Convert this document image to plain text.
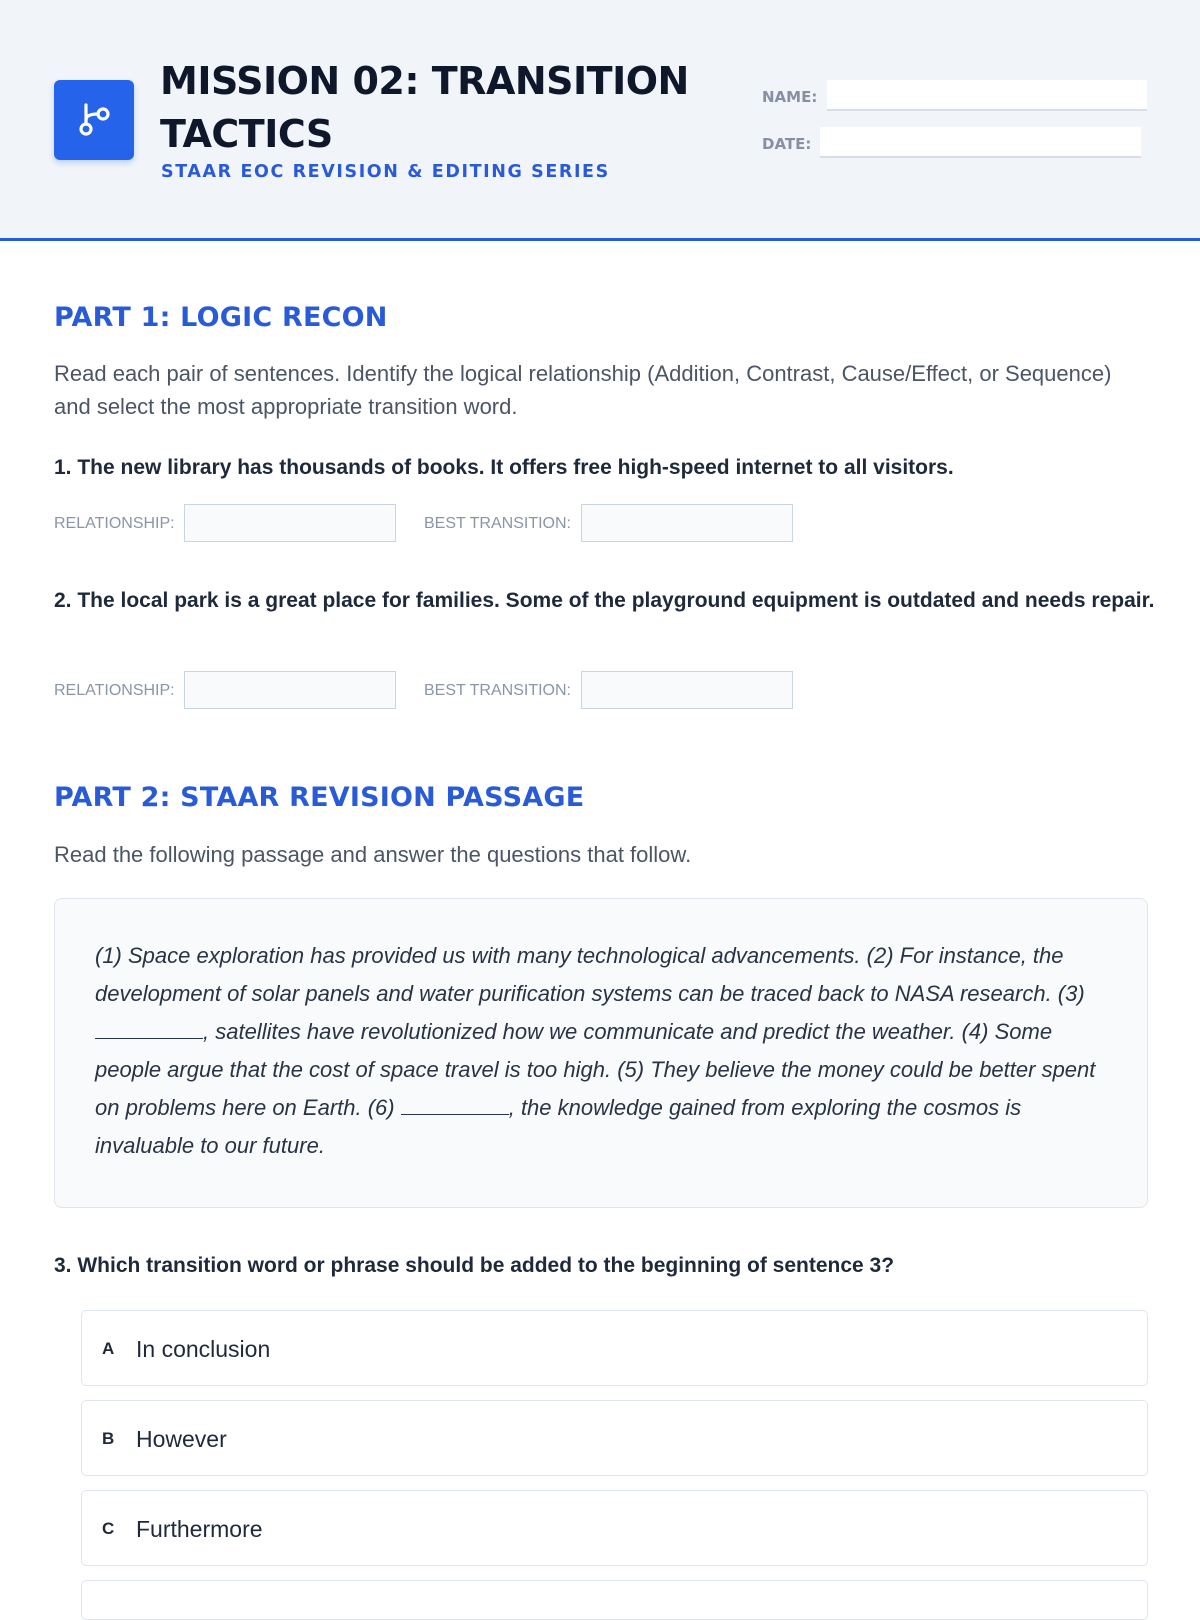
MISSION 02: TRANSITION TACTICS
STAAR EOC REVISION & EDITING SERIES
NAME:
DATE:
PART 1: LOGIC RECON

Read each pair of sentences. Identify the logical relationship (Addition, Contrast, Cause/Effect, or Sequence) and select the most appropriate transition word.

1. The new library has thousands of books. It offers free high-speed internet to all visitors.

RELATIONSHIP:	BEST TRANSITION:

2. The local park is a great place for families. Some of the playground equipment is outdated and needs repair.

RELATIONSHIP:	BEST TRANSITION:
PART 2: STAAR REVISION PASSAGE

Read the following passage and answer the questions that follow.

(1) Space exploration has provided us with many technological advancements. (2) For instance, the development of solar panels and water purification systems can be traced back to NASA research. (3) , satellites have revolutionized how we communicate and predict the weather. (4) Some people argue that the cost of space travel is too high. (5) They believe the money could be better spent on problems here on Earth. (6)	, the knowledge gained from exploring the cosmos is invaluable to our future.

3. Which transition word or phrase should be added to the beginning of sentence 3?

A In conclusion
B However
C Furthermore
